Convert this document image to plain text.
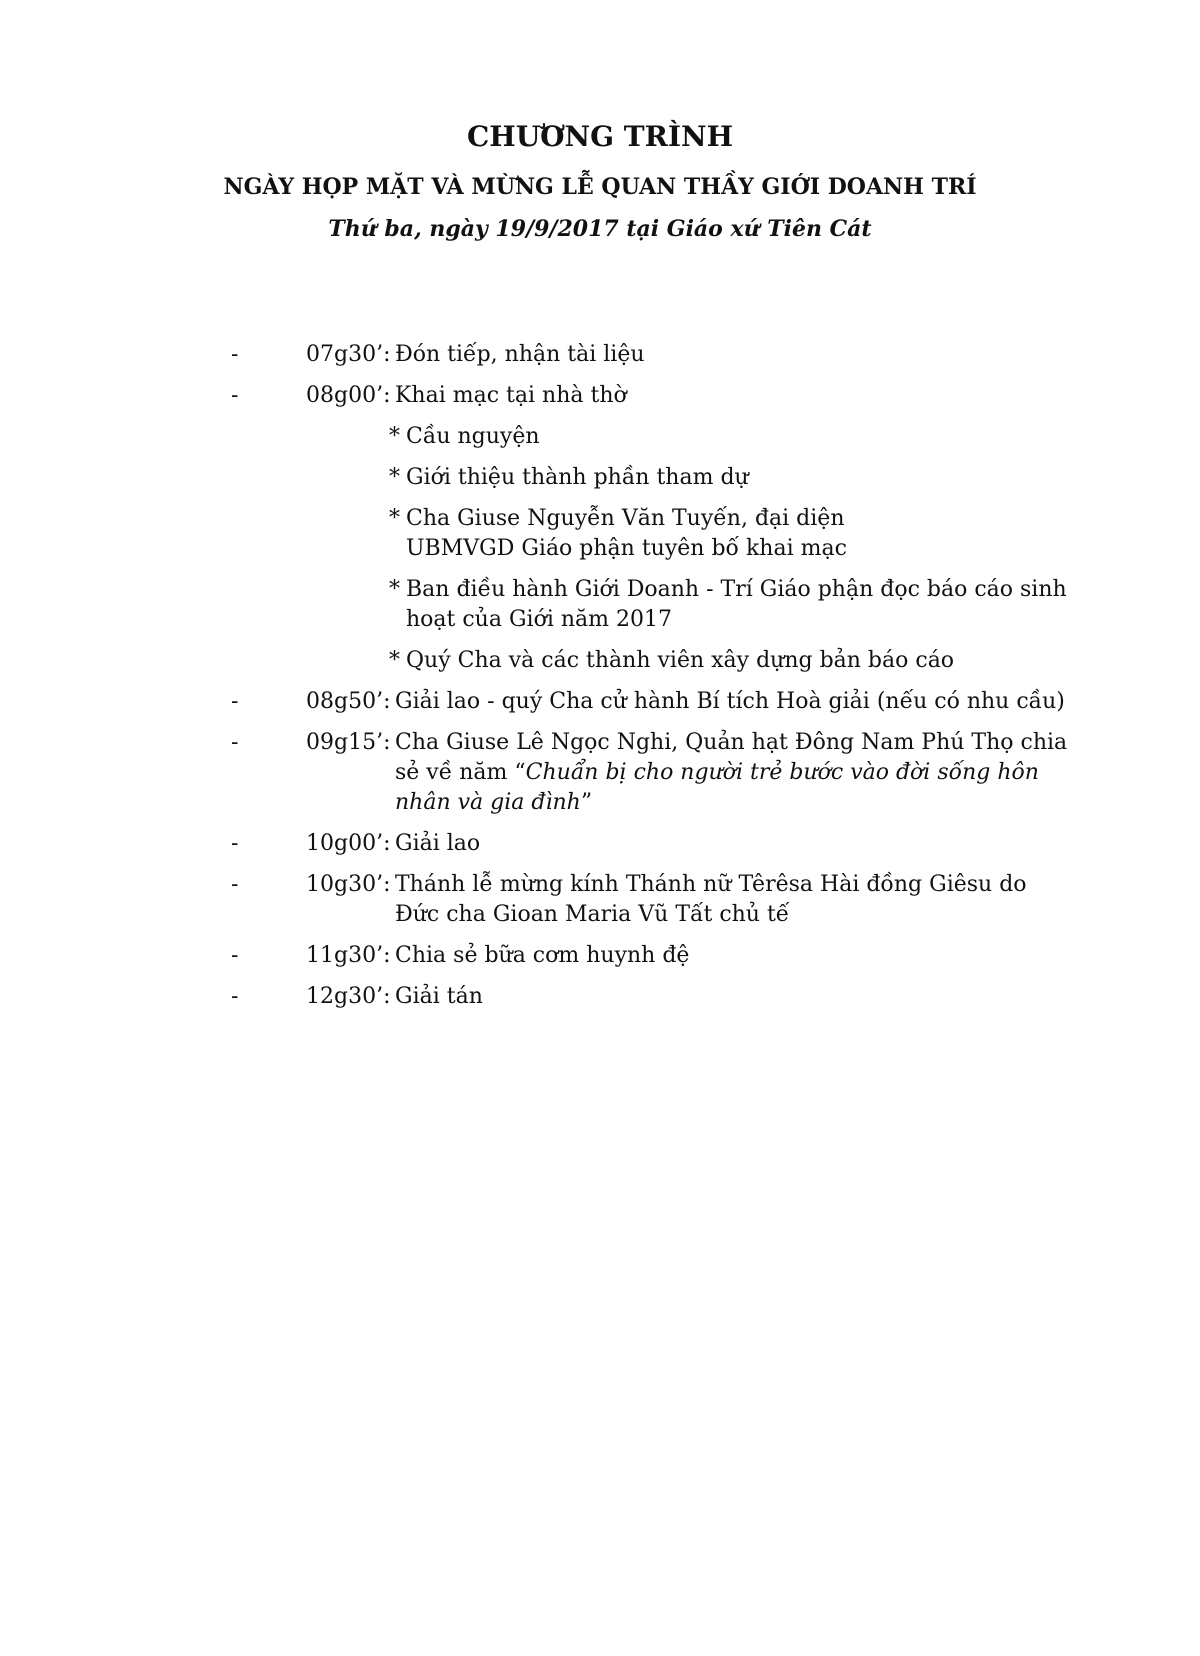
CHƯƠNG TRÌNH
NGÀY HỌP MẶT VÀ MỪNG LỄ QUAN THẦY GIỚI DOANH TRÍ
Thứ ba, ngày 19/9/2017 tại Giáo xứ Tiên Cát
-	07g30’: Đón tiếp, nhận tài liệu
-	08g00’: Khai mạc tại nhà thờ
* Cầu nguyện
* Giới thiệu thành phần tham dự
* Cha Giuse Nguyễn Văn Tuyến, đại diện UBMVGD Giáo phận tuyên bố khai mạc
* Ban điều hành Giới Doanh - Trí Giáo phận đọc báo cáo sinh hoạt của Giới năm 2017
* Quý Cha và các thành viên xây dựng bản báo cáo
-	08g50’: Giải lao - quý Cha cử hành Bí tích Hoà giải (nếu có nhu cầu)
-	09g15’: Cha Giuse Lê Ngọc Nghi, Quản hạt Đông Nam Phú Thọ chia sẻ về năm “Chuẩn bị cho người trẻ bước vào đời sống hôn nhân và gia đình”
-	10g00’: Giải lao
-	10g30’: Thánh lễ mừng kính Thánh nữ Têrêsa Hài đồng Giêsu do Đức cha Gioan Maria Vũ Tất chủ tế
-	11g30’: Chia sẻ bữa cơm huynh đệ
-	12g30’: Giải tán
